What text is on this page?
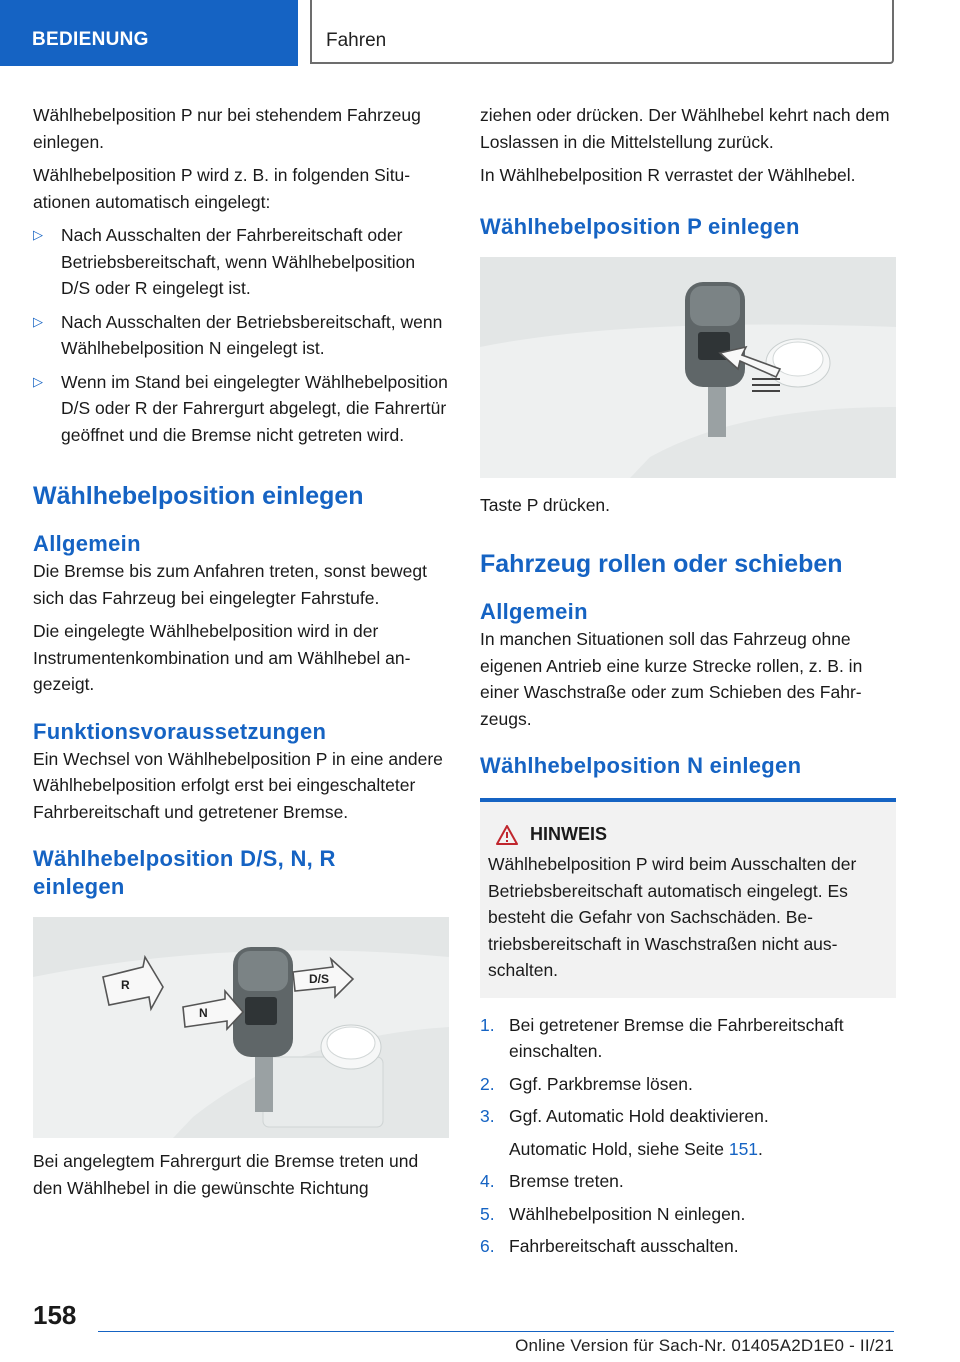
BEDIENUNG	Fahren

Wählhebelposition P nur bei stehendem Fahrzeug einlegen.

Wählhebelposition P wird z. B. in folgenden Situationen automatisch eingelegt:

▷ Nach Ausschalten der Fahrbereitschaft oder Betriebsbereitschaft, wenn Wählhebelposition D/S oder R eingelegt ist.
▷ Nach Ausschalten der Betriebsbereitschaft, wenn Wählhebelposition N eingelegt ist.
▷ Wenn im Stand bei eingelegter Wählhebelposition D/S oder R der Fahrergurt abgelegt, die Fahrertür geöffnet und die Bremse nicht getreten wird.
Wählhebelposition einlegen
Allgemein

Die Bremse bis zum Anfahren treten, sonst bewegt sich das Fahrzeug bei eingelegter Fahrstufe.

Die eingelegte Wählhebelposition wird in der Instrumentenkombination und am Wählhebel angezeigt.

Funktionsvoraussetzungen

Ein Wechsel von Wählhebelposition P in eine andere Wählhebelposition erfolgt erst bei eingeschalteter Fahrbereitschaft und getretener Bremse.

Wählhebelposition D/S, N, R einlegen
R
N
D/S

Bei angelegtem Fahrergurt die Bremse treten und den Wählhebel in die gewünschte Richtung

ziehen oder drücken. Der Wählhebel kehrt nach dem Loslassen in die Mittelstellung zurück.

In Wählhebelposition R verrastet der Wählhebel.

Wählhebelposition P einlegen

Taste P drücken.

Fahrzeug rollen oder schieben
Allgemein

In manchen Situationen soll das Fahrzeug ohne eigenen Antrieb eine kurze Strecke rollen, z. B. in einer Waschstraße oder zum Schieben des Fahrzeugs.

Wählhebelposition N einlegen
HINWEIS

Wählhebelposition P wird beim Ausschalten der Betriebsbereitschaft automatisch eingelegt. Es besteht die Gefahr von Sachschäden. Betriebsbereitschaft in Waschstraßen nicht ausschalten.

1. Bei getretener Bremse die Fahrbereitschaft einschalten.
2. Ggf. Parkbremse lösen.
3. Ggf. Automatic Hold deaktivieren.
Automatic Hold, siehe Seite 151.
4. Bremse treten.
5. Wählhebelposition N einlegen.
6. Fahrbereitschaft ausschalten.
158
Online Version für Sach-Nr. 01405A2D1E0 - II/21
